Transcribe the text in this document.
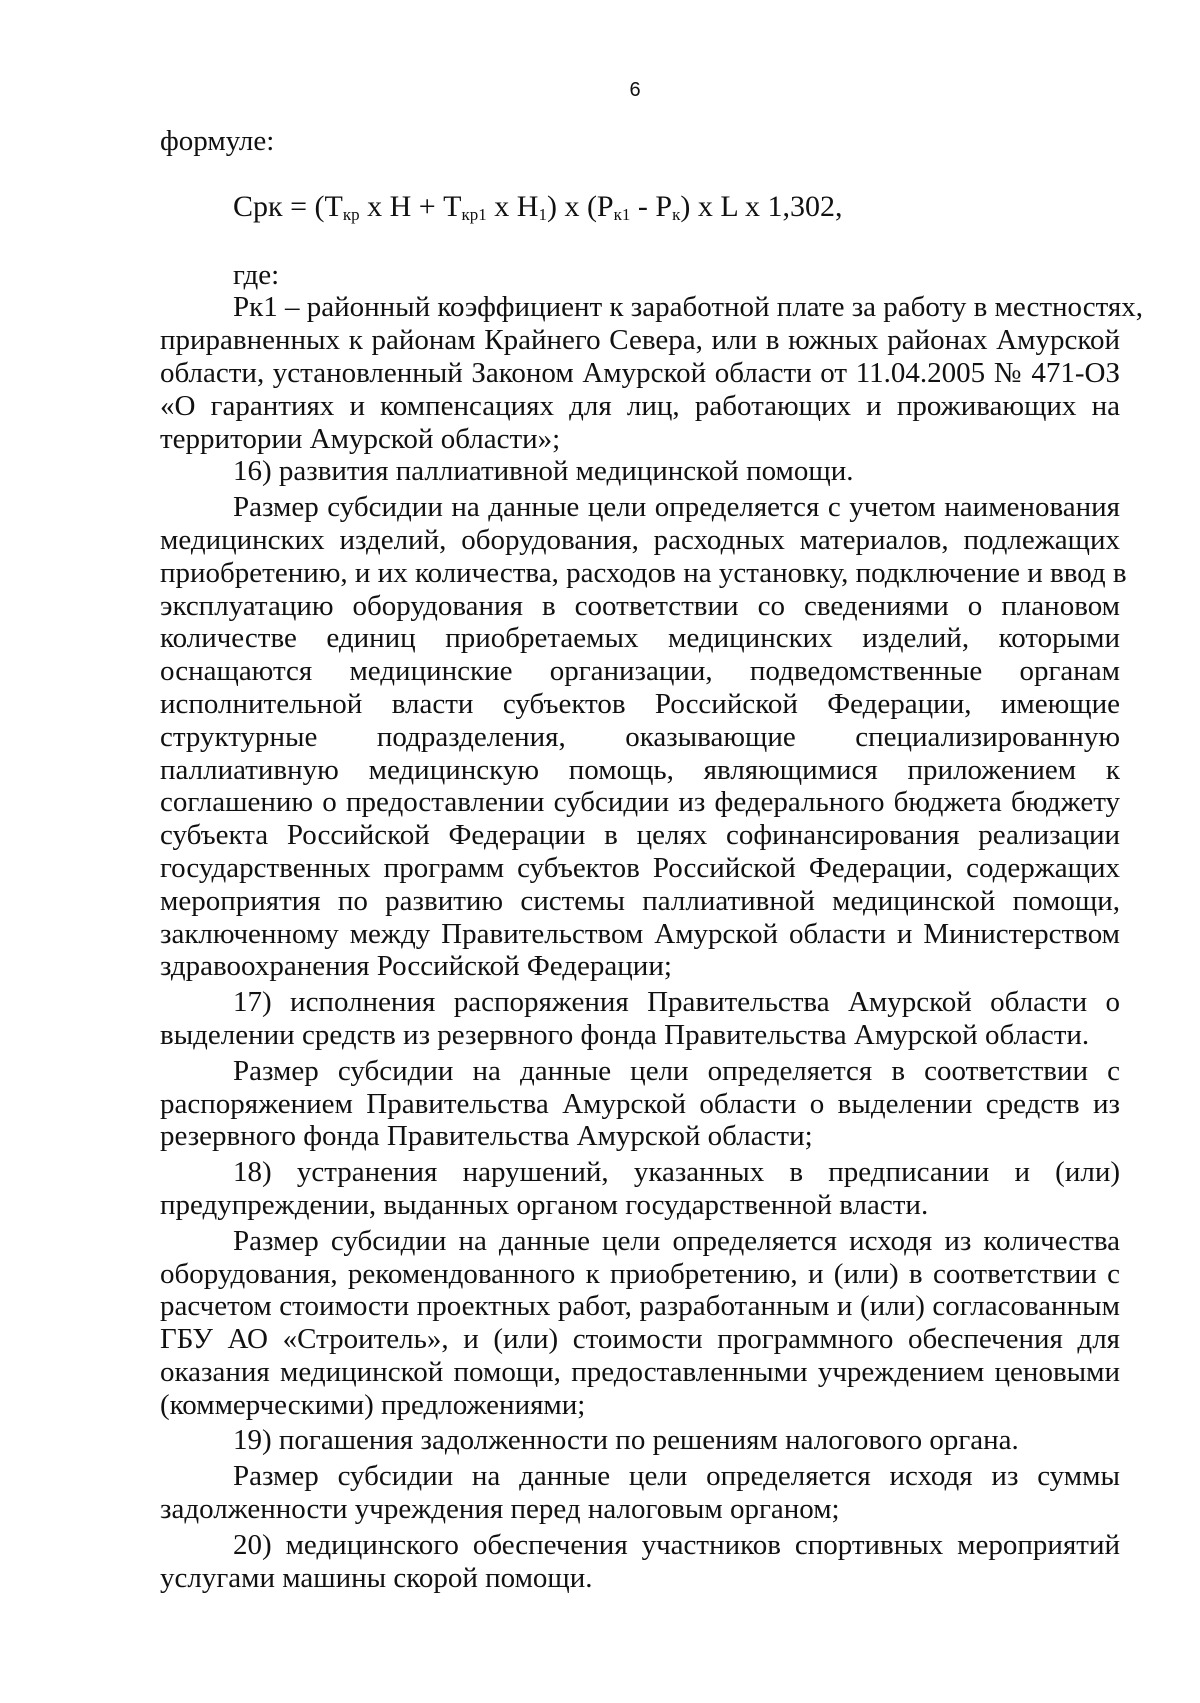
6
формуле:
Срк = ($Т_{кр}$ x $Н + Т_{кр1}$ x $Н_1$) x $(Р_{к1} - Р_к)$ x L x 1,302,
где:
Pк1 – районный коэффициент к заработной плате за работу в местностях,
приравненных к районам Крайнего Севера, или в южных районах Амурской
области, установленный Законом Амурской области от 11.04.2005 № 471-ОЗ
«О гарантиях и компенсациях для лиц, работающих и проживающих на
территории Амурской области»;
16) развития паллиативной медицинской помощи.
Размер субсидии на данные цели определяется с учетом наименования
медицинских изделий, оборудования, расходных материалов, подлежащих
приобретению, и их количества, расходов на установку, подключение и ввод в
эксплуатацию оборудования в соответствии со сведениями о плановом
количестве единиц приобретаемых медицинских изделий, которыми
оснащаются медицинские организации, подведомственные органам
исполнительной власти субъектов Российской Федерации, имеющие
структурные подразделения, оказывающие специализированную
паллиативную медицинскую помощь, являющимися приложением к
соглашению о предоставлении субсидии из федерального бюджета бюджету
субъекта Российской Федерации в целях софинансирования реализации
государственных программ субъектов Российской Федерации, содержащих
мероприятия по развитию системы паллиативной медицинской помощи,
заключенному между Правительством Амурской области и Министерством
здравоохранения Российской Федерации;
17) исполнения распоряжения Правительства Амурской области о
выделении средств из резервного фонда Правительства Амурской области.
Размер субсидии на данные цели определяется в соответствии с
распоряжением Правительства Амурской области о выделении средств из
резервного фонда Правительства Амурской области;
18) устранения нарушений, указанных в предписании и (или)
предупреждении, выданных органом государственной власти.
Размер субсидии на данные цели определяется исходя из количества
оборудования, рекомендованного к приобретению, и (или) в соответствии с
расчетом стоимости проектных работ, разработанным и (или) согласованным
ГБУ АО «Строитель», и (или) стоимости программного обеспечения для
оказания медицинской помощи, предоставленными учреждением ценовыми
(коммерческими) предложениями;
19) погашения задолженности по решениям налогового органа.
Размер субсидии на данные цели определяется исходя из суммы
задолженности учреждения перед налоговым органом;
20) медицинского обеспечения участников спортивных мероприятий
услугами машины скорой помощи.
